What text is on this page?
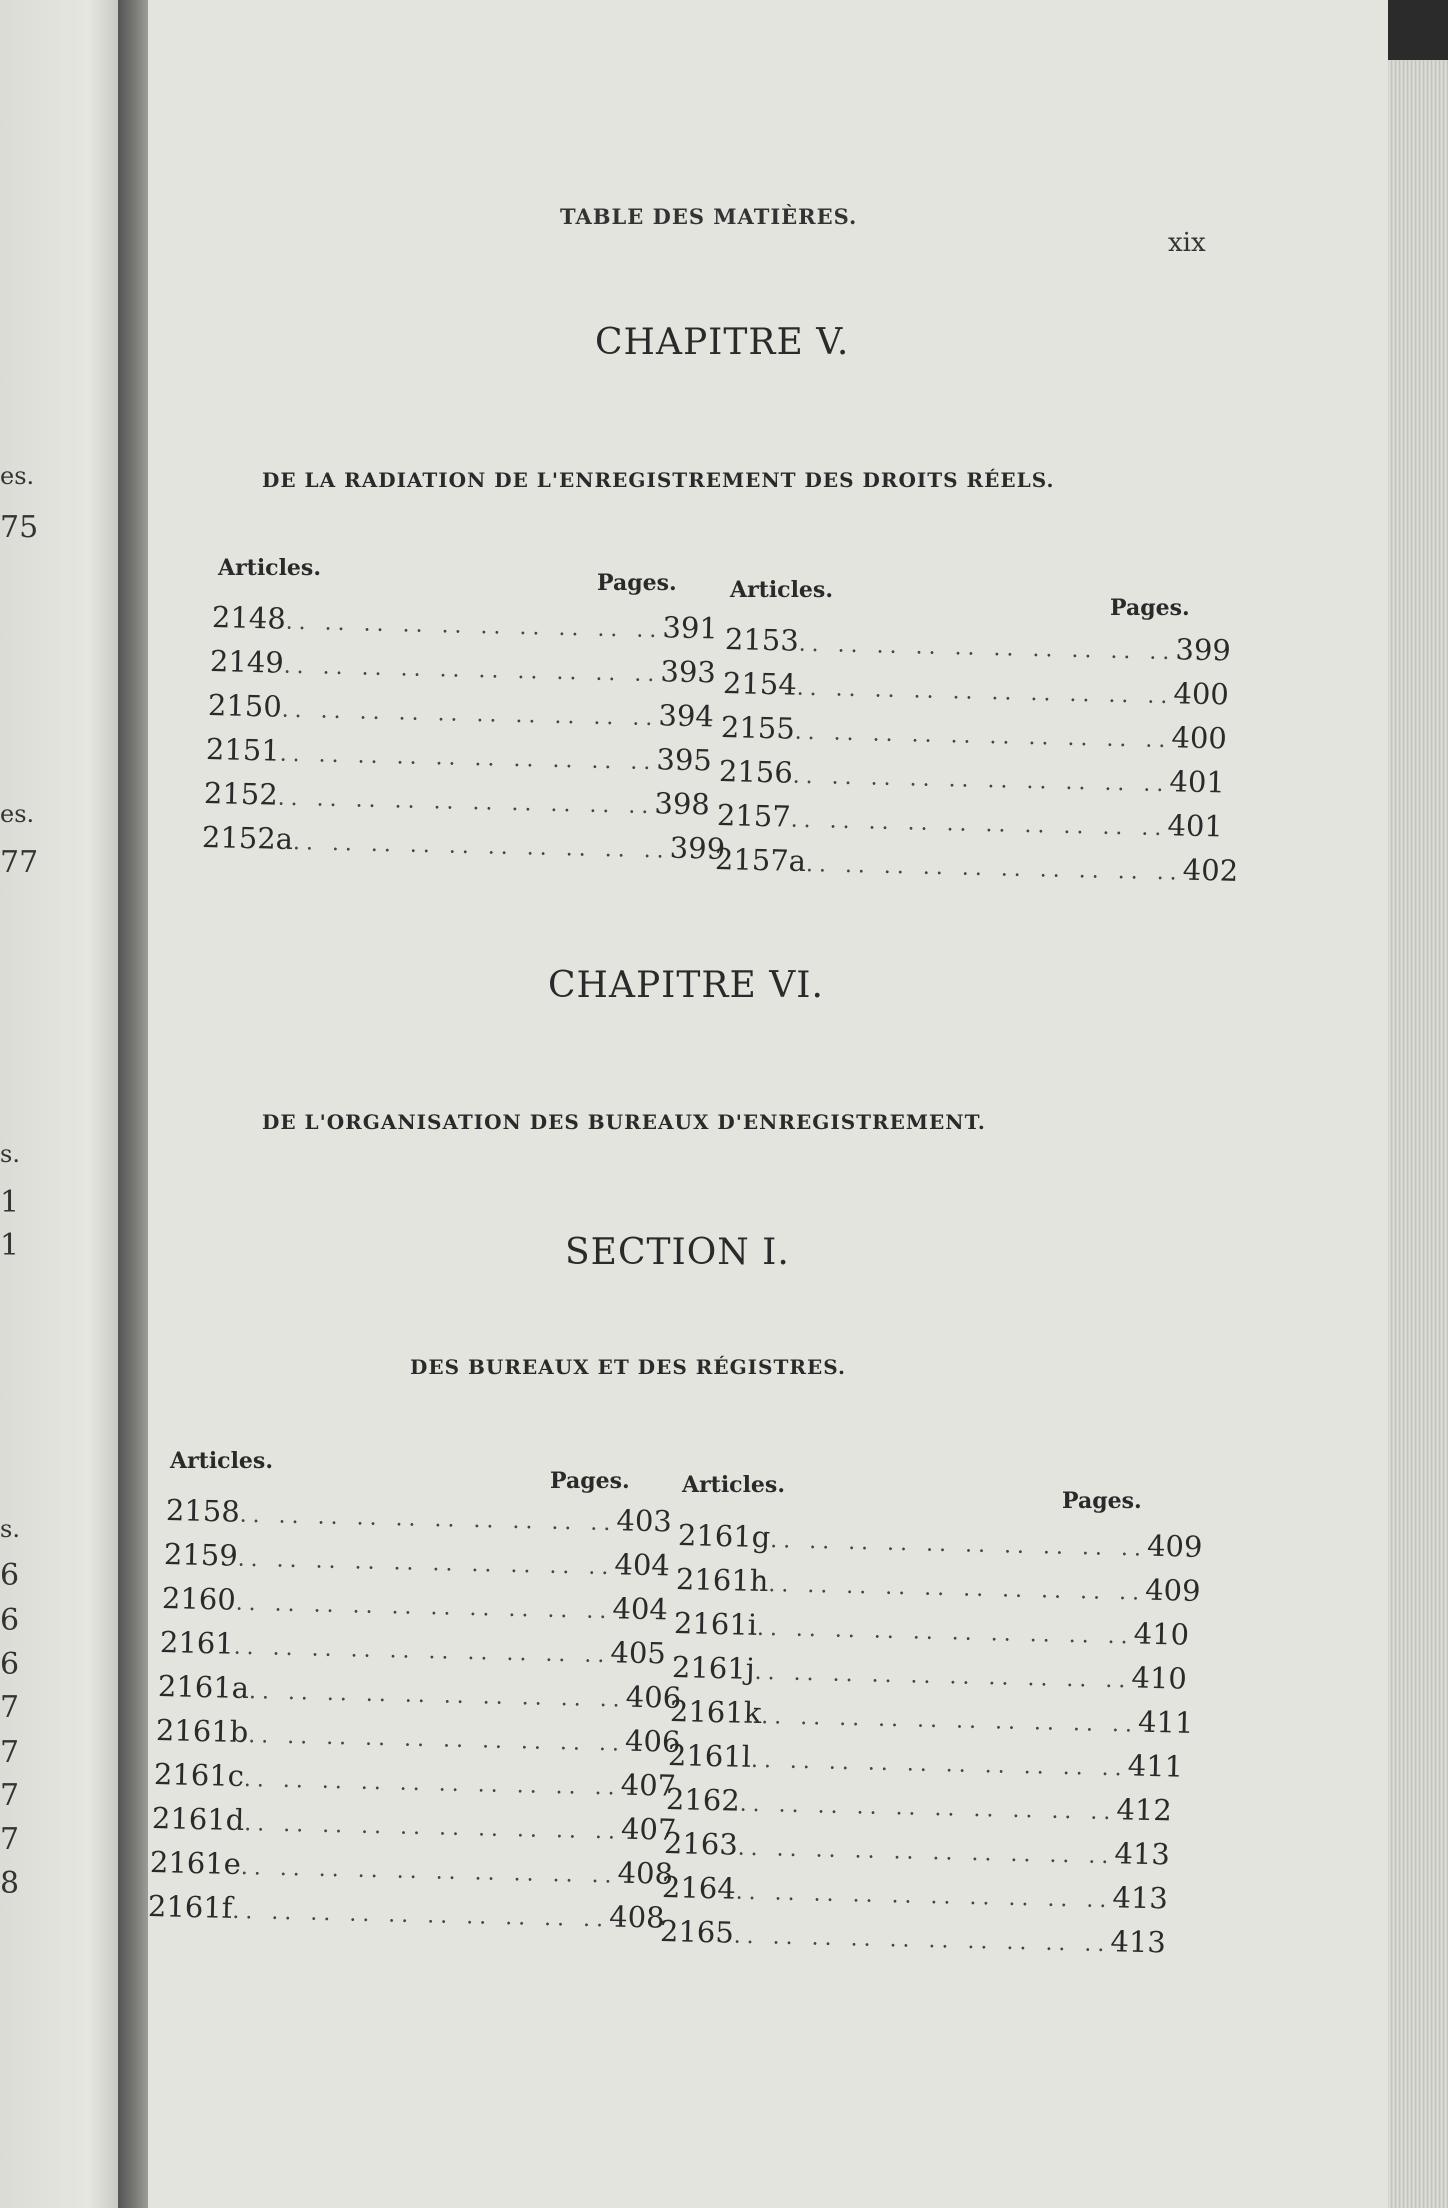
es.
75
es.
77
s.
1
1
s.
6
6
6
7
7
7
7
8
TABLE DES MATIÈRES.
xix
CHAPITRE V.
DE LA RADIATION DE L'ENREGISTREMENT DES DROITS RÉELS.
Articles.
Pages. Articles.
Pages.
2148 .. .. .. .. .. .. .. .. .. .. 391
2149 .. .. .. .. .. .. .. .. .. .. 393
2150 .. .. .. .. .. .. .. .. .. .. 394
2151 .. .. .. .. .. .. .. .. .. .. 395
2152 .. .. .. .. .. .. .. .. .. .. 398
2152a .. .. .. .. .. .. .. .. .. .. 399
2153 .. .. .. .. .. .. .. .. .. .. 399
2154 .. .. .. .. .. .. .. .. .. .. 400
2155 .. .. .. .. .. .. .. .. .. .. 400
2156 .. .. .. .. .. .. .. .. .. .. 401
2157 .. .. .. .. .. .. .. .. .. .. 401
2157a .. .. .. .. .. .. .. .. .. .. 402
CHAPITRE VI.
DE L'ORGANISATION DES BUREAUX D'ENREGISTREMENT.
SECTION I.
DES BUREAUX ET DES RÉGISTRES.
Articles.
Pages. Articles.
Pages.
2158 .. .. .. .. .. .. .. .. .. .. 403
2159 .. .. .. .. .. .. .. .. .. .. 404
2160 .. .. .. .. .. .. .. .. .. .. 404
2161 .. .. .. .. .. .. .. .. .. .. 405
2161a .. .. .. .. .. .. .. .. .. .. 406
2161b .. .. .. .. .. .. .. .. .. .. 406
2161c .. .. .. .. .. .. .. .. .. .. 407
2161d .. .. .. .. .. .. .. .. .. .. 407
2161e .. .. .. .. .. .. .. .. .. .. 408
2161f .. .. .. .. .. .. .. .. .. .. 408
2161g .. .. .. .. .. .. .. .. .. .. 409
2161h .. .. .. .. .. .. .. .. .. .. 409
2161i .. .. .. .. .. .. .. .. .. .. 410
2161j .. .. .. .. .. .. .. .. .. .. 410
2161k .. .. .. .. .. .. .. .. .. .. 411
2161l .. .. .. .. .. .. .. .. .. .. 411
2162 .. .. .. .. .. .. .. .. .. .. 412
2163 .. .. .. .. .. .. .. .. .. .. 413
2164 .. .. .. .. .. .. .. .. .. .. 413
2165 .. .. .. .. .. .. .. .. .. .. 413
